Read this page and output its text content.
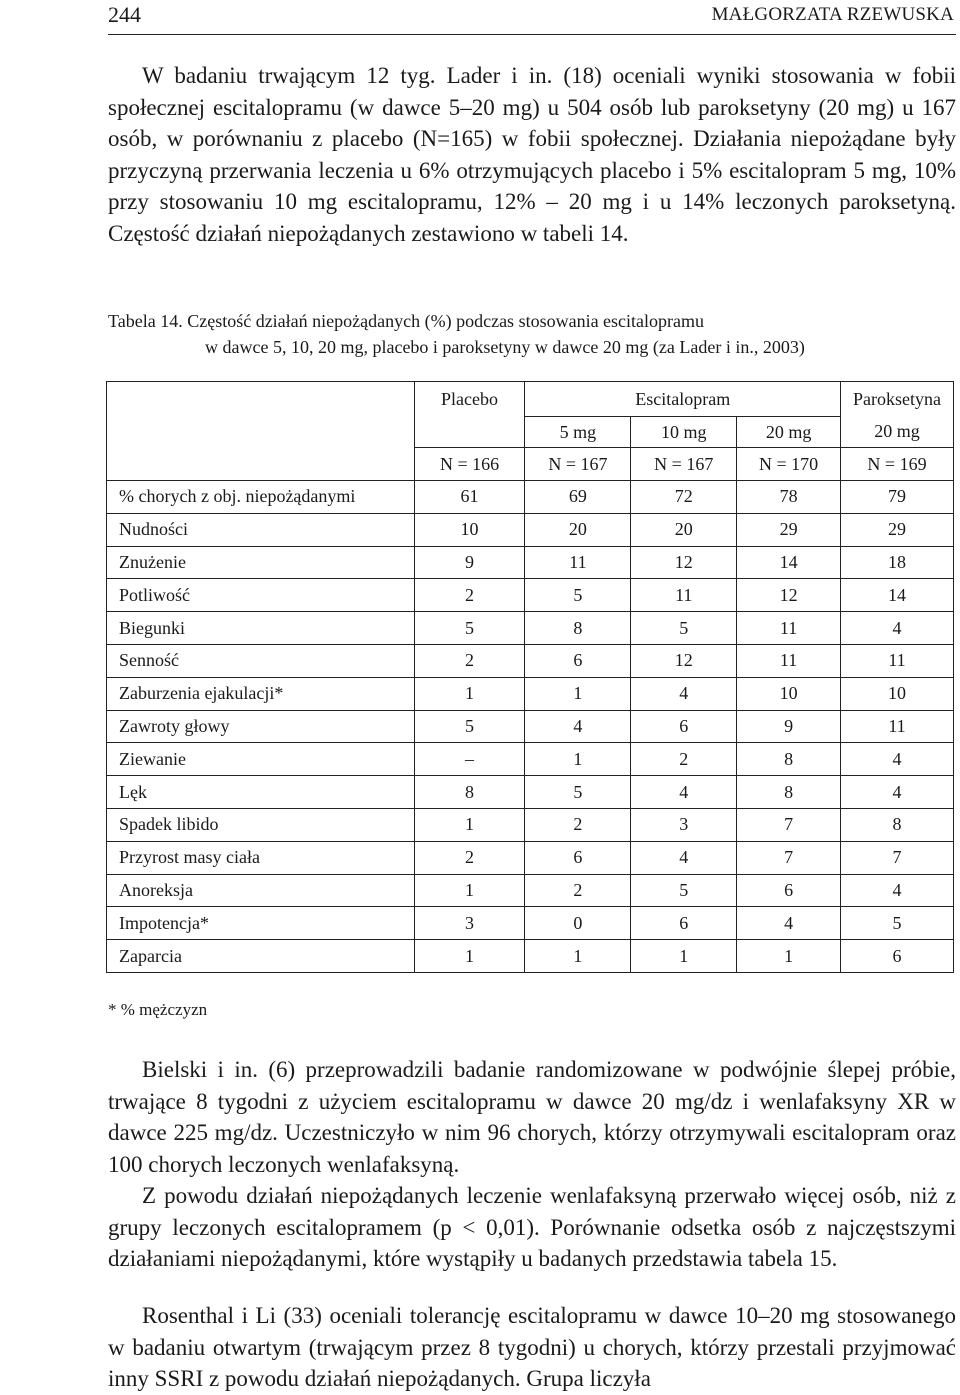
244	MAŁGORZATA RZEWUSKA

W badaniu trwającym 12 tyg. Lader i in. (18) oceniali wyniki stosowania w fobii społecznej escitalopramu (w dawce 5–20 mg) u 504 osób lub paroksetyny (20 mg) u 167 osób, w porównaniu z placebo (N=165) w fobii społecznej. Działania niepożądane były przyczyną przerwania leczenia u 6% otrzymujących placebo i 5% escitalopram 5 mg, 10% przy stosowaniu 10 mg escitalopramu, 12% – 20 mg i u 14% leczonych paroksetyną. Częstość działań niepożądanych zestawiono w tabeli 14.

Tabela 14. Częstość działań niepożądanych (%) podczas stosowania escitalopramu
w dawce 5, 10, 20 mg, placebo i paroksetyny w dawce 20 mg (za Lader i in., 2003)
	Placebo	Escitalopram			Paroksetyna
		5 mg	10 mg	20 mg	20 mg
	N = 166	N = 167	N = 167	N = 170	N = 169
% chorych z obj. niepożądanymi	61	69	72	78	79
Nudności	10	20	20	29	29
Znużenie	9	11	12	14	18
Potliwość	2	5	11	12	14
Biegunki	5	8	5	11	4
Senność	2	6	12	11	11
Zaburzenia ejakulacji*	1	1	4	10	10
Zawroty głowy	5	4	6	9	11
Ziewanie	–	1	2	8	4
Lęk	8	5	4	8	4
Spadek libido	1	2	3	7	8
Przyrost masy ciała	2	6	4	7	7
Anoreksja	1	2	5	6	4
Impotencja*	3	0	6	4	5
Zaparcia	1	1	1	1	6
* % mężczyzn

Bielski i in. (6) przeprowadzili badanie randomizowane w podwójnie ślepej próbie, trwające 8 tygodni z użyciem escitalopramu w dawce 20 mg/dz i wenlafaksyny XR w dawce 225 mg/dz. Uczestniczyło w nim 96 chorych, którzy otrzymywali escitalopram oraz 100 chorych leczonych wenlafaksyną.

Z powodu działań niepożądanych leczenie wenlafaksyną przerwało więcej osób, niż z grupy leczonych escitalopramem (p < 0,01). Porównanie odsetka osób z najczęstszymi działaniami niepożądanymi, które wystąpiły u badanych przedstawia tabela 15.

Rosenthal i Li (33) oceniali tolerancję escitalopramu w dawce 10–20 mg stosowanego w badaniu otwartym (trwającym przez 8 tygodni) u chorych, którzy przestali przyjmować inny SSRI z powodu działań niepożądanych. Grupa liczyła
